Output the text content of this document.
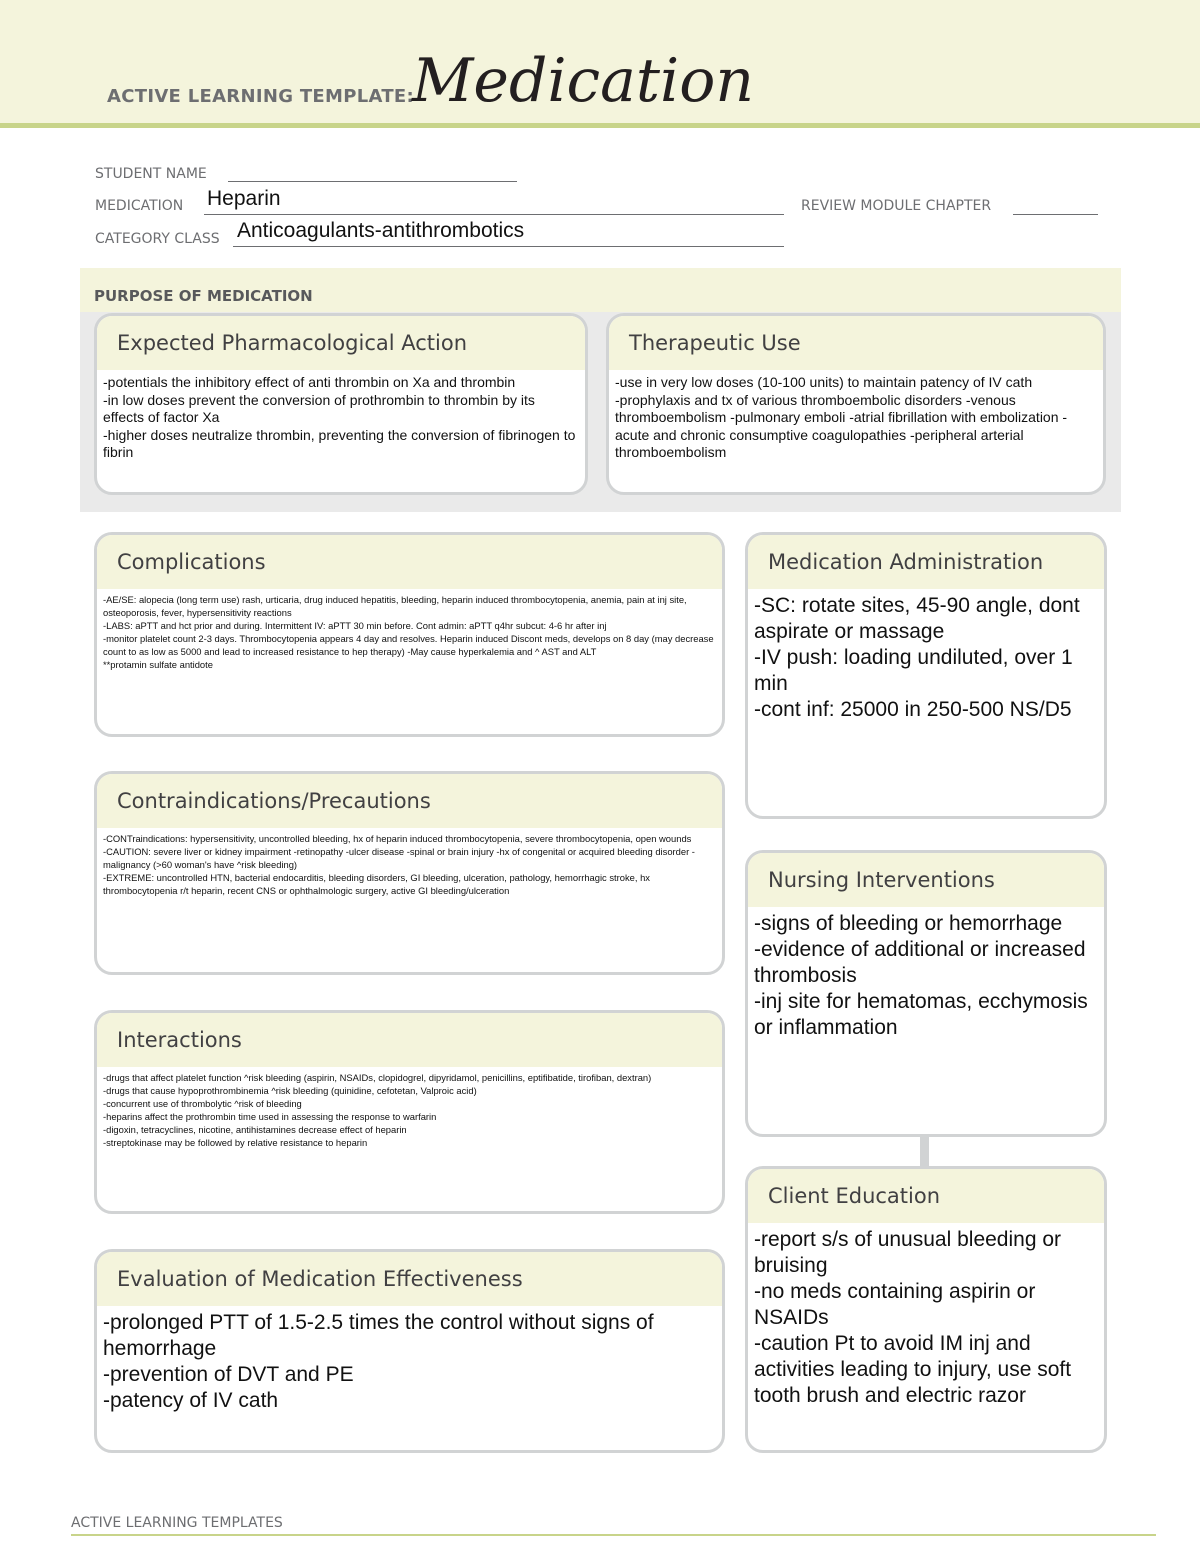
ACTIVE LEARNING TEMPLATE:
Medication
STUDENT NAME
MEDICATION Heparin	REVIEW MODULE CHAPTER
CATEGORY CLASS Anticoagulants-antithrombotics
PURPOSE OF MEDICATION
Expected Pharmacological Action
-potentials the inhibitory effect of anti thrombin on Xa and thrombin
-in low doses prevent the conversion of prothrombin to thrombin by its effects of factor Xa
-higher doses neutralize thrombin, preventing the conversion of fibrinogen to fibrin
Therapeutic Use
-use in very low doses (10-100 units) to maintain patency of IV cath
-prophylaxis and tx of various thromboembolic disorders -venous thromboembolism -pulmonary emboli -atrial fibrillation with embolization -acute and chronic consumptive coagulopathies -peripheral arterial thromboembolism
Complications
-AE/SE: alopecia (long term use) rash, urticaria, drug induced hepatitis, bleeding, heparin induced thrombocytopenia, anemia, pain at inj site, osteoporosis, fever, hypersensitivity reactions
-LABS: aPTT and hct prior and during. Intermittent IV: aPTT 30 min before. Cont admin: aPTT q4hr subcut: 4-6 hr after inj
-monitor platelet count 2-3 days. Thrombocytopenia appears 4 day and resolves. Heparin induced Discont meds, develops on 8 day (may decrease count to as low as 5000 and lead to increased resistance to hep therapy) -May cause hyperkalemia and ^ AST and ALT
**protamin sulfate antidote
Medication Administration
-SC: rotate sites, 45-90 angle, dont aspirate or massage
-IV push: loading undiluted, over 1 min
-cont inf: 25000 in 250-500 NS/D5
Contraindications/Precautions
-CONTraindications: hypersensitivity, uncontrolled bleeding, hx of heparin induced thrombocytopenia, severe thrombocytopenia, open wounds
-CAUTION: severe liver or kidney impairment -retinopathy -ulcer disease -spinal or brain injury -hx of congenital or acquired bleeding disorder -malignancy (>60 woman's have ^risk bleeding)
-EXTREME: uncontrolled HTN, bacterial endocarditis, bleeding disorders, GI bleeding, ulceration, pathology, hemorrhagic stroke, hx thrombocytopenia r/t heparin, recent CNS or ophthalmologic surgery, active GI bleeding/ulceration	Nursing Interventions
-signs of bleeding or hemorrhage
-evidence of additional or increased thrombosis
-inj site for hematomas, ecchymosis or inflammation
Interactions
-drugs that affect platelet function ^risk bleeding (aspirin, NSAIDs, clopidogrel, dipyridamol, penicillins, eptifibatide, tirofiban, dextran)
-drugs that cause hypoprothrombinemia ^risk bleeding (quinidine, cefotetan, Valproic acid)
-concurrent use of thrombolytic ^risk of bleeding
-heparins affect the prothrombin time used in assessing the response to warfarin
-digoxin, tetracyclines, nicotine, antihistamines decrease effect of heparin
-streptokinase may be followed by relative resistance to heparin
Client Education
-report s/s of unusual bleeding or bruising
-no meds containing aspirin or NSAIDs
-caution Pt to avoid IM inj and activities leading to injury, use soft tooth brush and electric razor
Evaluation of Medication Effectiveness
-prolonged PTT of 1.5-2.5 times the control without signs of hemorrhage
-prevention of DVT and PE
-patency of IV cath
ACTIVE LEARNING TEMPLATES
